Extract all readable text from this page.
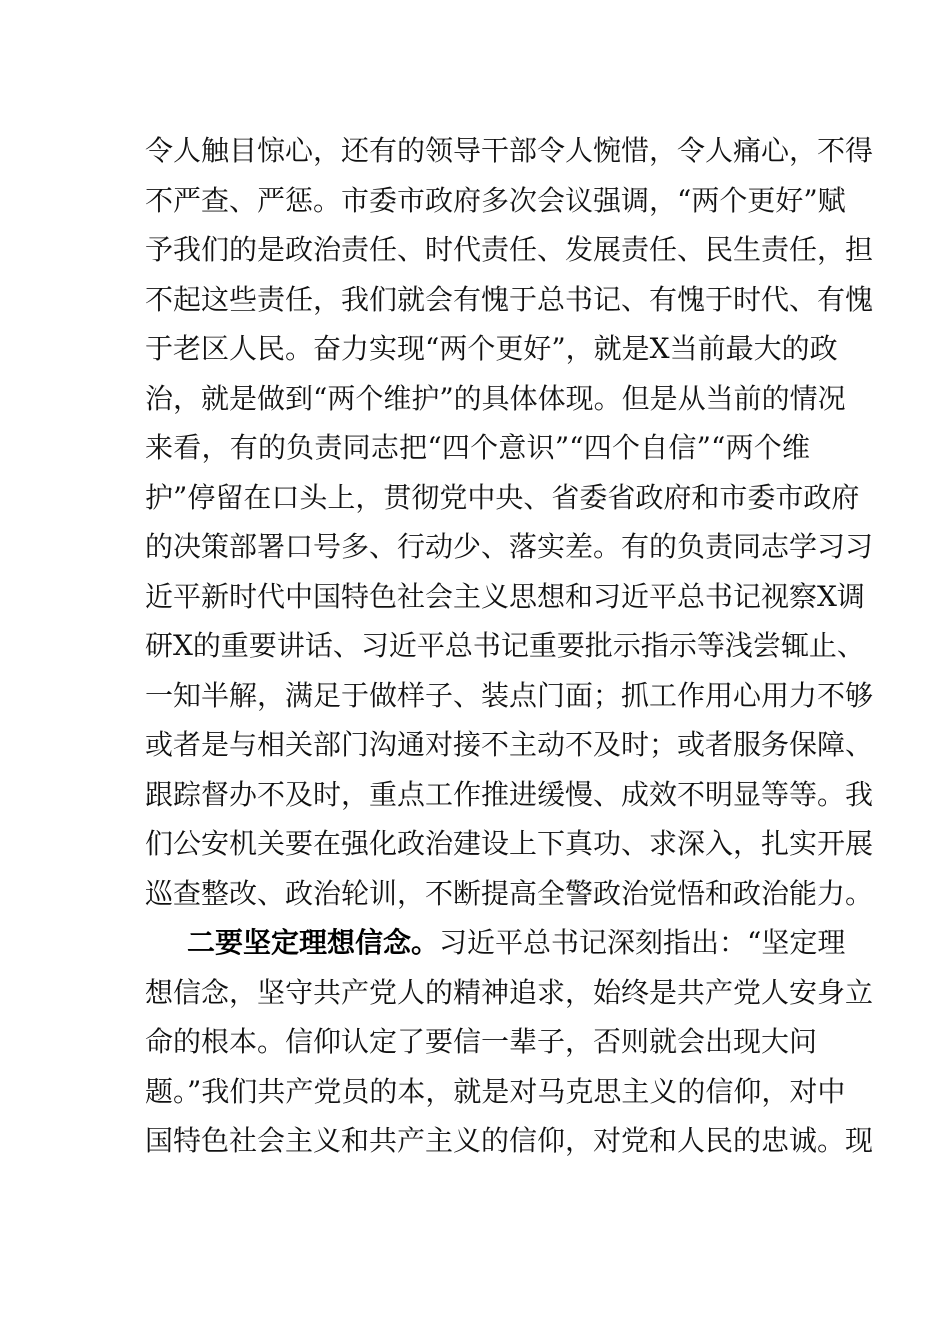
令人触目惊心，还有的领导干部令人惋惜，令人痛心，不得
不严查、严惩。市委市政府多次会议强调，“两个更好”赋
予我们的是政治责任、时代责任、发展责任、民生责任，担
不起这些责任，我们就会有愧于总书记、有愧于时代、有愧
于老区人民。奋力实现“两个更好”，就是X当前最大的政
治，就是做到“两个维护”的具体体现。但是从当前的情况
来看，有的负责同志把“四个意识”“四个自信”“两个维
护”停留在口头上，贯彻党中央、省委省政府和市委市政府
的决策部署口号多、行动少、落实差。有的负责同志学习习
近平新时代中国特色社会主义思想和习近平总书记视察X调
研X的重要讲话、习近平总书记重要批示指示等浅尝辄止、
一知半解，满足于做样子、装点门面；抓工作用心用力不够
或者是与相关部门沟通对接不主动不及时；或者服务保障、
跟踪督办不及时，重点工作推进缓慢、成效不明显等等。我
们公安机关要在强化政治建设上下真功、求深入，扎实开展
巡查整改、政治轮训，不断提高全警政治觉悟和政治能力。
二要坚定理想信念。习近平总书记深刻指出：“坚定理
想信念，坚守共产党人的精神追求，始终是共产党人安身立
命的根本。信仰认定了要信一辈子，否则就会出现大问
题。”我们共产党员的本，就是对马克思主义的信仰，对中
国特色社会主义和共产主义的信仰，对党和人民的忠诚。现
